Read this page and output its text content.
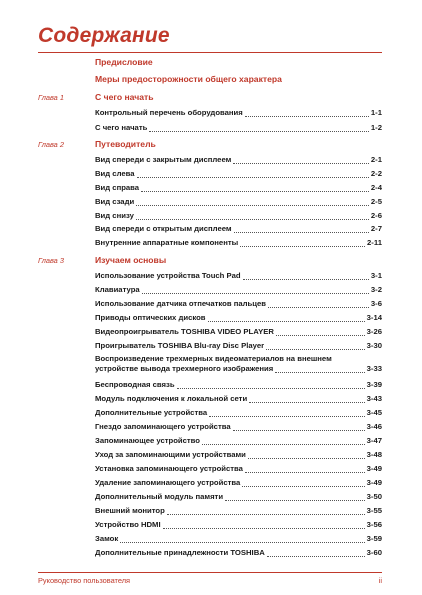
Содержание
Предисловие
Меры предосторожности общего характера
Глава 1	С чего начать
Контрольный перечень оборудования	1-1
С чего начать	1-2
Глава 2	Путеводитель
Вид спереди с закрытым дисплеем	2-1
Вид слева	2-2
Вид справа	2-4
Вид сзади	2-5
Вид снизу	2-6
Вид спереди с открытым дисплеем	2-7
Внутренние аппаратные компоненты	2-11
Глава 3	Изучаем основы
Использование устройства Touch Pad	3-1
Клавиатура	3-2
Использование датчика отпечатков пальцев	3-6
Приводы оптических дисков	3-14
Видеопроигрыватель TOSHIBA VIDEO PLAYER	3-26
Проигрыватель TOSHIBA Blu-ray Disc Player	3-30
Воспроизведение трехмерных видеоматериалов на внешнем
устройстве вывода трехмерного изображения	3-33
Беспроводная связь	3-39
Модуль подключения к локальной сети	3-43
Дополнительные устройства	3-45
Гнездо запоминающего устройства	3-46
Запоминающее устройство	3-47
Уход за запоминающими устройствами	3-48
Установка запоминающего устройства	3-49
Удаление запоминающего устройства	3-49
Дополнительный модуль памяти	3-50
Внешний монитор	3-55
Устройство HDMI	3-56
Замок	3-59
Дополнительные принадлежности TOSHIBA	3-60
Руководство пользователя	ii
